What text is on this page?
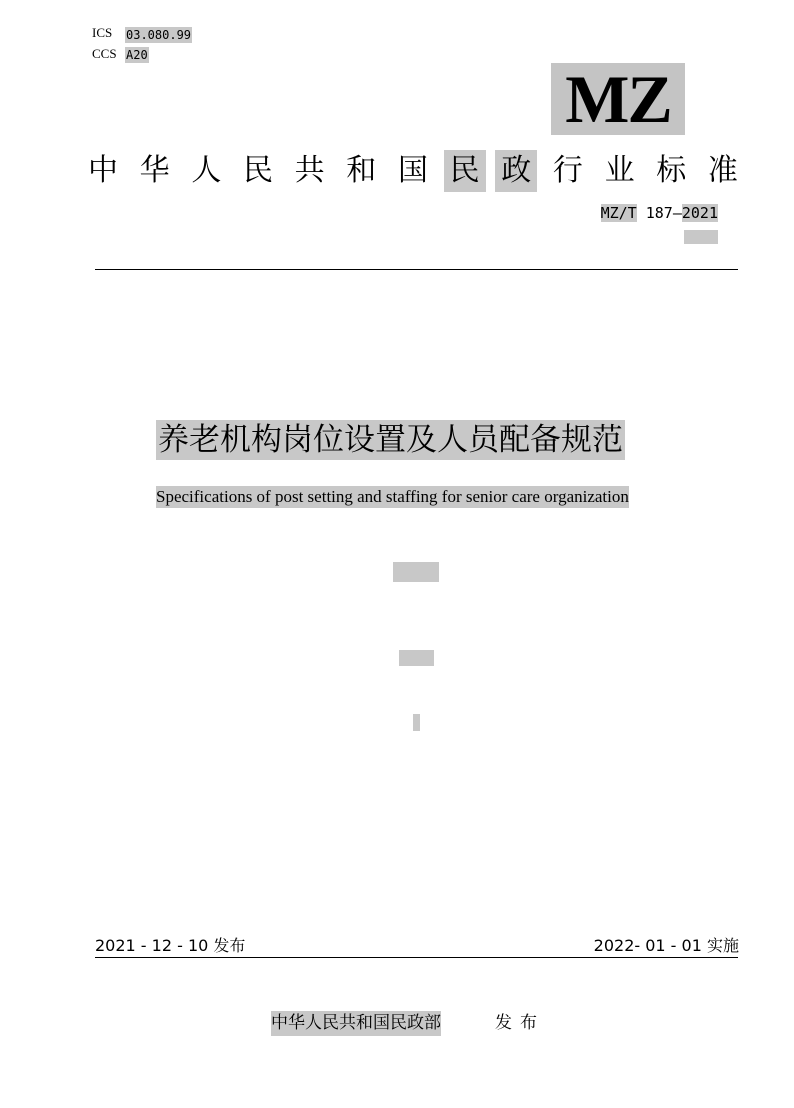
ICS 03.080.99
CCS A20
MZ
中 华 人 民 共 和 国 民 政 行 业 标 准
MZ/T 187—2021
养老机构岗位设置及人员配备规范
Specifications of post setting and staffing for senior care organization
2021 - 12 - 10 发布	2022- 01 - 01 实施
中华人民共和国民政部	发布
